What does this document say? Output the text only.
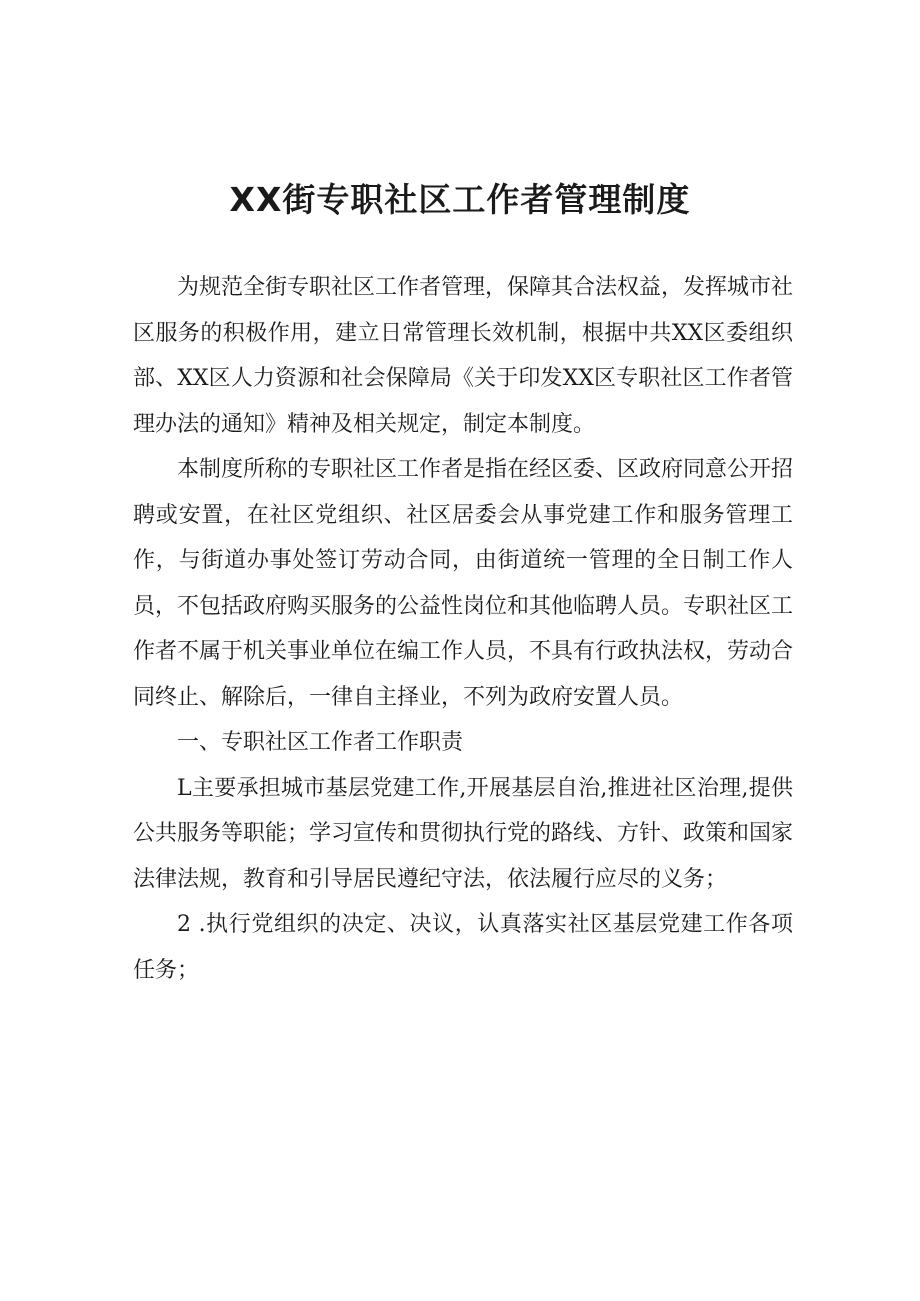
XX街专职社区工作者管理制度

为规范全街专职社区工作者管理，保障其合法权益，发挥城市社区服务的积极作用，建立日常管理长效机制，根据中共XX区委组织部、XX区人力资源和社会保障局《关于印发XX区专职社区工作者管理办法的通知》精神及相关规定，制定本制度。

本制度所称的专职社区工作者是指在经区委、区政府同意公开招聘或安置，在社区党组织、社区居委会从事党建工作和服务管理工作，与街道办事处签订劳动合同，由街道统一管理的全日制工作人员，不包括政府购买服务的公益性岗位和其他临聘人员。专职社区工作者不属于机关事业单位在编工作人员，不具有行政执法权，劳动合同终止、解除后，一律自主择业，不列为政府安置人员。

一、专职社区工作者工作职责

L主要承担城市基层党建工作,开展基层自治,推进社区治理,提供公共服务等职能；学习宣传和贯彻执行党的路线、方针、政策和国家法律法规，教育和引导居民遵纪守法，依法履行应尽的义务；

2 .执行党组织的决定、决议，认真落实社区基层党建工作各项任务；
